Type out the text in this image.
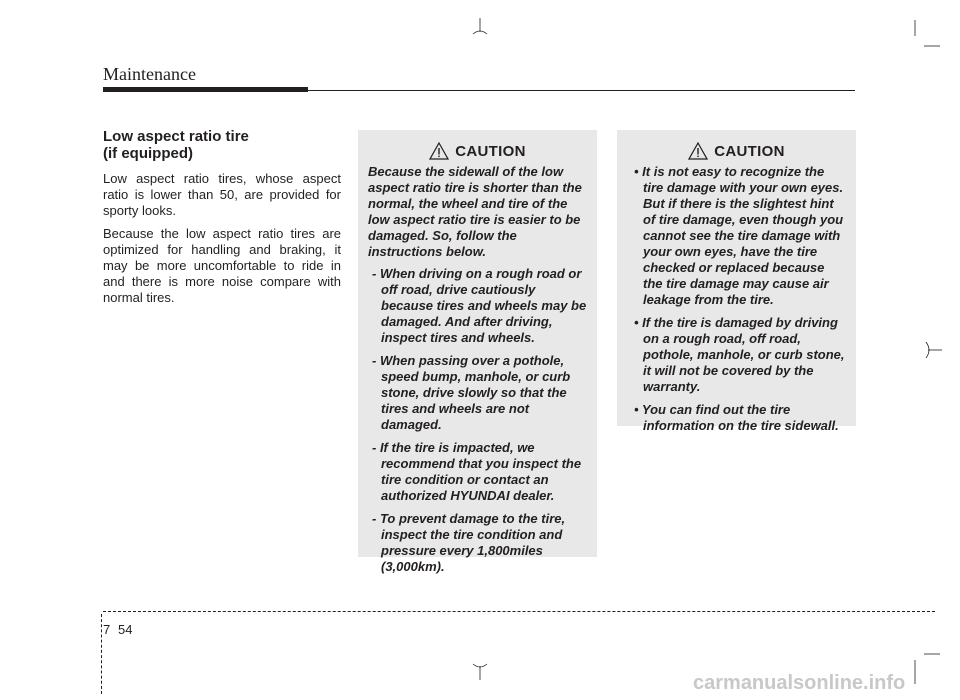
Maintenance
Low aspect ratio tire
(if equipped)

Low aspect ratio tires, whose aspect ratio is lower than 50, are provided for sporty looks.

Because the low aspect ratio tires are optimized for handling and braking, it may be more uncomfortable to ride in and there is more noise compare with normal tires.

CAUTION

Because the sidewall of the low aspect ratio tire is shorter than the normal, the wheel and tire of the low aspect ratio tire is easier to be damaged. So, follow the instructions below.

- When driving on a rough road or off road, drive cautiously because tires and wheels may be damaged. And after driving, inspect tires and wheels.
- When passing over a pothole, speed bump, manhole, or curb stone, drive slowly so that the tires and wheels are not damaged.
- If the tire is impacted, we recommend that you inspect the tire condition or contact an authorized HYUNDAI dealer.
- To prevent damage to the tire, inspect the tire condition and pressure every 1,800miles (3,000km).
CAUTION
• It is not easy to recognize the tire damage with your own eyes. But if there is the slightest hint of tire damage, even though you cannot see the tire damage with your own eyes, have the tire checked or replaced because the tire damage may cause air leakage from the tire.
• If the tire is damaged by driving on a rough road, off road, pothole, manhole, or curb stone, it will not be covered by the warranty.
• You can find out the tire information on the tire sidewall.
7 54
carmanualsonline.info
